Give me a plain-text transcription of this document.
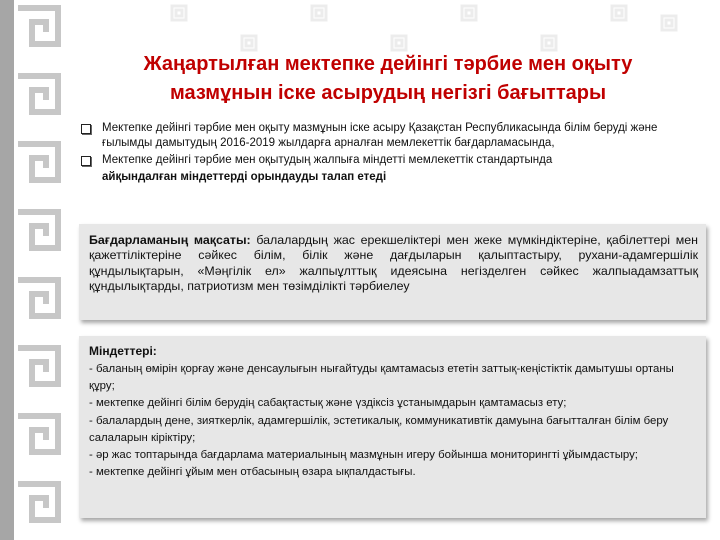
Жаңартылған мектепке дейінгі тәрбие мен оқыту
мазмұнын іске асырудың негізгі бағыттары
Мектепке дейінгі тәрбие мен оқыту мазмұнын іске асыру Қазақстан Республикасында білім беруді және ғылымды дамытудың 2016-2019 жылдарға арналған мемлекеттік бағдарламасында,
Мектепке дейінгі тәрбие мен оқытудың жалпыға міндетті мемлекеттік стандартында
айқындалған міндеттерді орындауды талап етеді

Бағдарламаның мақсаты: балалардың жас ерекшеліктері мен жеке мүмкіндіктеріне, қабілеттері мен қажеттіліктеріне сәйкес білім, білік және дағдыларын қалыптастыру, рухани-адамгершілік құндылықтарын, «Мәңгілік ел» жалпыұлттық идеясына негізделген сәйкес жалпыадамзаттық құндылықтарды, патриотизм мен төзімділікті тәрбиелеу

Міндеттері:

- баланың өмірін қорғау және денсаулығын нығайтуды қамтамасыз ететін заттық-кеңістіктік дамытушы ортаны құру;

- мектепке дейінгі білім берудің сабақтастық және үздіксіз ұстанымдарын қамтамасыз ету;

- балалардың дене, зияткерлік, адамгершілік, эстетикалық, коммуникативтік дамуына бағытталған білім беру салаларын кіріктіру;

- әр жас топтарында бағдарлама материалының мазмұнын игеру бойынша мониторингті ұйымдастыру;

- мектепке дейінгі ұйым мен отбасының өзара ықпалдастығы.
